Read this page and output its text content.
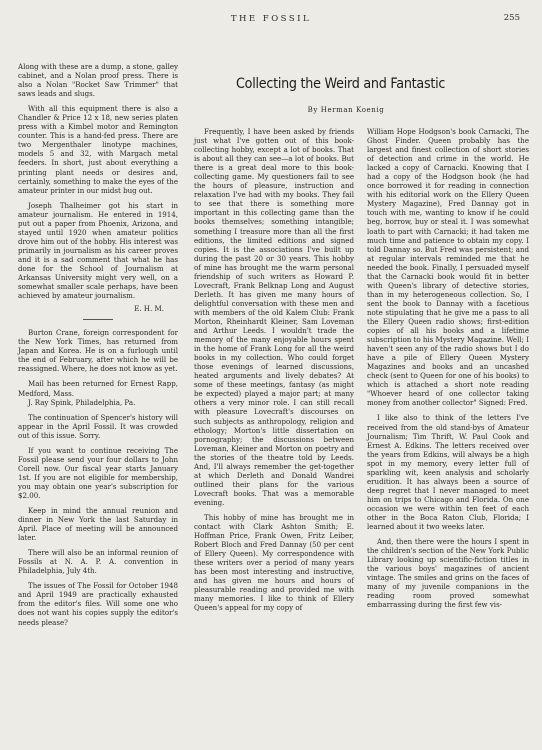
THE FOSSIL	255

Along with these are a dump, a stone, galley cabinet, and a Nolan proof press. There is also a Nolan "Rocket Saw Trimmer" that saws leads and slugs.

With all this equipment there is also a Chandler & Price 12 x 18, new series platen press with a Kimbel motor and Remington counter. This is a hand-fed press. There are two Mergenthaler linotype machines, models 5 and 32, with Margach metal feeders. In short, just about everything a printing plant needs or desires and, certainly, something to make the eyes of the amateur printer in our midst bug out.

Joseph Thalheimer got his start in amateur journalism. He entered in 1914, put out a paper from Phoenix, Arizona, and stayed until 1920 when amateur politics drove him out of the hobby. His interest was primarily in journalism as his career proves and it is a sad comment that what he has done for the School of Journalism at Arkansas University might very well, on a somewhat smaller scale perhaps, have been achieved by amateur journalism.

E. H. M.

Burton Crane, foreign correspondent for the New York Times, has returned from Japan and Korea. He is on a furlough until the end of February, after which he will be reassigned. Where, he does not know as yet.

Mail has been returned for Ernest Rapp, Medford, Mass.

J. Ray Spink, Philadelphia, Pa.

The continuation of Spencer's history will appear in the April Fossil. It was crowded out of this issue. Sorry.

If you want to continue receiving The Fossil please send your four dollars to John Corell now. Our fiscal year starts January 1st. If you are not eligible for membership, you may obtain one year's subscription for $2.00.

Keep in mind the annual reunion and dinner in New York the last Saturday in April. Place of meeting will be announced later.

There will also be an informal reunion of Fossils at N. A. P. A. convention in Philadelphia, July 4th.

The issues of The Fossil for October 1948 and April 1949 are practically exhausted from the editor's files. Will some one who does not want his copies supply the editor's needs please?

Collecting the Weird and Fantastic
By Herman Koenig

Frequently, I have been asked by friends just what I've gotten out of this book-collecting hobby, except a lot of books. That is about all they can see—a lot of books. But there is a great deal more to this book-collecting game. My questioners fail to see the hours of pleasure, instruction and relaxation I've had with my books. They fail to see that there is something more important in this collecting game than the books themselves; something intangible; something I treasure more than all the first editions, the limited editions and signed copies. It is the associations I've built up during the past 20 or 30 years. This hobby of mine has brought me the warm personal friendship of such writers as Howard P. Lovecraft, Frank Belknap Long and August Derleth. It has given me many hours of delightful conversation with these men and with members of the old Kalem Club: Frank Morton, Rheinhardt Kleiner, Sam Loveman and Arthur Leeds. I wouldn't trade the memory of the many enjoyable hours spent in the home of Frank Long for all the weird books in my collection. Who could forget those evenings of learned discussions, heated arguments and lively debates? At some of these meetings, fantasy (as might be expected) played a major part; at many others a very minor role. I can still recall with pleasure Lovecraft's discourses on such subjects as anthropology, religion and ethology; Morton's little dissertation on pornography; the discussions between Loveman, Kleiner and Morton on poetry and the stories of the theatre told by Leeds. And, I'll always remember the get-together at which Derleth and Donald Wandrei outlined their plans for the various Lovecraft books. That was a memorable evening.

This hobby of mine has brought me in contact with Clark Ashton Smith; E. Hoffman Price, Frank Owen, Fritz Leiber, Robert Bloch and Fred Dannay (50 per cent of Ellery Queen). My correspondence with these writers over a period of many years has been most interesting and instructive, and has given me hours and hours of pleasurable reading and provided me with many memories. I like to think of Ellery Queen's appeal for my copy of

William Hope Hodgson's book Carnacki, The Ghost Finder. Queen probably has the largest and finest collection of short stories of detection and crime in the world. He lacked a copy of Carnacki. Knowing that I had a copy of the Hodgson book (he had once borrowed it for reading in connection with his editorial work on the Ellery Queen Mystery Magazine), Fred Dannay got in touch with me, wanting to know if he could beg, borrow, buy or steal it. I was somewhat loath to part with Carnacki; it had taken me much time and patience to obtain my copy. I told Dannay so. But Fred was persistent; and at regular intervals reminded me that he needed the book. Finally, I persuaded myself that the Carnacki book would fit in better with Queen's library of detective stories, than in my heterogeneous collection. So, I sent the book to Dannay with a facetious note stipulating that he give me a pass to all the Ellery Queen radio shows; first-edition copies of all his books and a lifetime subscription to his Mystery Magazine. Well; I haven't seen any of the radio shows but I do have a pile of Ellery Queen Mystery Magazines and books and an uncashed check (sent to Queen for one of his books) to which is attached a short note reading "Whoever heard of one collector taking money from another collector" Signed: Fred.

I like also to think of the letters I've received from the old stand-bys of Amateur Journalism; Tim Thrift, W. Paul Cook and Ernest A. Edkins. The letters received over the years from Edkins, will always be a high spot in my memory, every letter full of sparkling wit, keen analysis and scholarly erudition. It has always been a source of deep regret that I never managed to meet him on trips to Chicago and Florida. On one occasion we were within ten feet of each other in the Boca Raton Club, Florida; I learned about it two weeks later.

And, then there were the hours I spent in the children's section of the New York Public Library looking up scientific-fiction titles in the various boys' magazines of ancient vintage. The smiles and grins on the faces of many of my juvenile companions in the reading room proved somewhat embarrassing during the first few vis-
